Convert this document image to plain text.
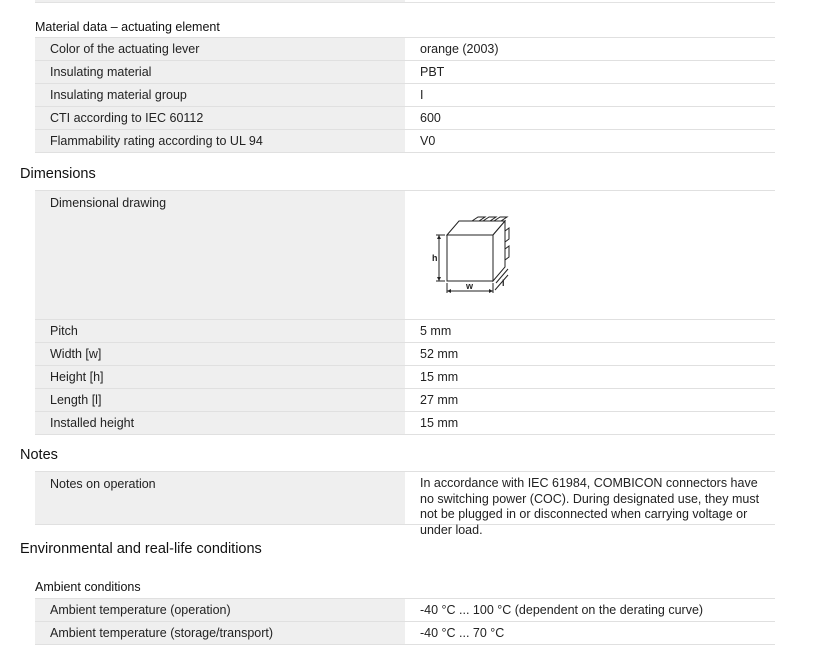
Material data – actuating element
Color of the actuating lever	orange (2003)
Insulating material	PBT
Insulating material group	I
CTI according to IEC 60112	600
Flammability rating according to UL 94	V0
Dimensions
Dimensional drawing
h
w	l
Pitch	5 mm
Width [w]	52 mm
Height [h]	15 mm
Length [l]	27 mm
Installed height	15 mm
Notes
Notes on operation	In accordance with IEC 61984, COMBICON connectors have no switching power (COC). During designated use, they must not be plugged in or disconnected when carrying voltage or under load.
Environmental and real-life conditions
Ambient conditions
Ambient temperature (operation)	-40 °C ... 100 °C (dependent on the derating curve)
Ambient temperature (storage/transport)	-40 °C ... 70 °C
